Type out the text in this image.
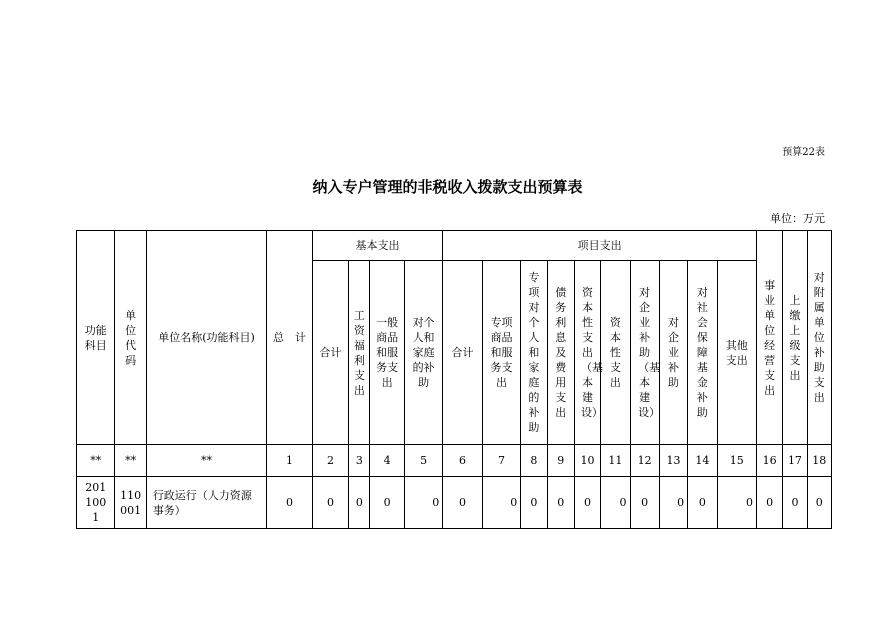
预算22表
纳入专户管理的非税收入拨款支出预算表
单位：万元
功能科目	单位代码	单位名称(功能科目)	总　计	基本支出				项目支出										事业单位经营支出	上缴上级支出	对附属单位补助支出

				合计	工资福利支出	一般商品和服务支出	对个人和家庭的补助	合计	专项商品和服务支出	专项对个人和家庭的补助	债务利息及费用支出	资本性支出（基本建设）	资本性支出	对企业补助（基本建设）	对企业补助	对社会保障基金补助	其他支出			

**	**	**	1	2	3	4	5	6	7	8	9	10	11	12	13	14	15	16	17	18

2011001	110001	行政运行（人力资源事务）	0	0	0	0	0	0	0	0	0	0	0	0	0	0	0	0	0	0
